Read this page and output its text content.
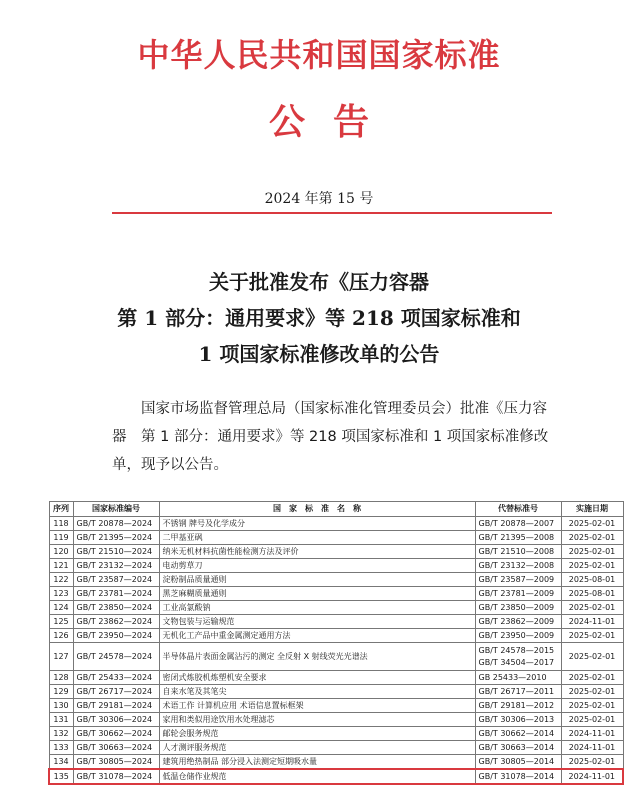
中华人民共和国国家标准
公告
2024 年第 15 号
关于批准发布《压力容器
第 1 部分：通用要求》等 218 项国家标准和
1 项国家标准修改单的公告
国家市场监督管理总局（国家标准化管理委员会）批准《压力容器　第 1 部分：通用要求》等 218 项国家标准和 1 项国家标准修改单，现予以公告。
序列	国家标准编号	国　家　标　准　名　称	代替标准号	实施日期
118	GB/T 20878—2024	不锈钢 牌号及化学成分	GB/T 20878—2007	2025-02-01
119	GB/T 21395—2024	二甲基亚砜	GB/T 21395—2008	2025-02-01
120	GB/T 21510—2024	纳米无机材料抗菌性能检测方法及评价	GB/T 21510—2008	2025-02-01
121	GB/T 23132—2024	电动剪草刀	GB/T 23132—2008	2025-02-01
122	GB/T 23587—2024	淀粉制品质量通则	GB/T 23587—2009	2025-08-01
123	GB/T 23781—2024	黑芝麻糊质量通则	GB/T 23781—2009	2025-08-01
124	GB/T 23850—2024	工业高氯酸钠	GB/T 23850—2009	2025-02-01
125	GB/T 23862—2024	文物包装与运输规范	GB/T 23862—2009	2024-11-01
126	GB/T 23950—2024	无机化工产品中重金属测定通用方法	GB/T 23950—2009	2025-02-01
127	GB/T 24578—2024	半导体晶片表面金属沾污的测定 全反射 X 射线荧光光谱法	GB/T 24578—2015
GB/T 34504—2017	2025-02-01
128	GB/T 25433—2024	密闭式炼胶机炼塑机安全要求	GB 25433—2010	2025-02-01
129	GB/T 26717—2024	自来水笔及其笔尖	GB/T 26717—2011	2025-02-01
130	GB/T 29181—2024	术语工作 计算机应用 术语信息置标框架	GB/T 29181—2012	2025-02-01
131	GB/T 30306—2024	家用和类似用途饮用水处理滤芯	GB/T 30306—2013	2025-02-01
132	GB/T 30662—2024	邮轮会服务规范	GB/T 30662—2014	2024-11-01
133	GB/T 30663—2024	人才测评服务规范	GB/T 30663—2014	2024-11-01
134	GB/T 30805—2024	建筑用绝热制品 部分浸入法测定短期吸水量	GB/T 30805—2014	2025-02-01
135	GB/T 31078—2024	低温仓储作业规范	GB/T 31078—2014	2024-11-01
